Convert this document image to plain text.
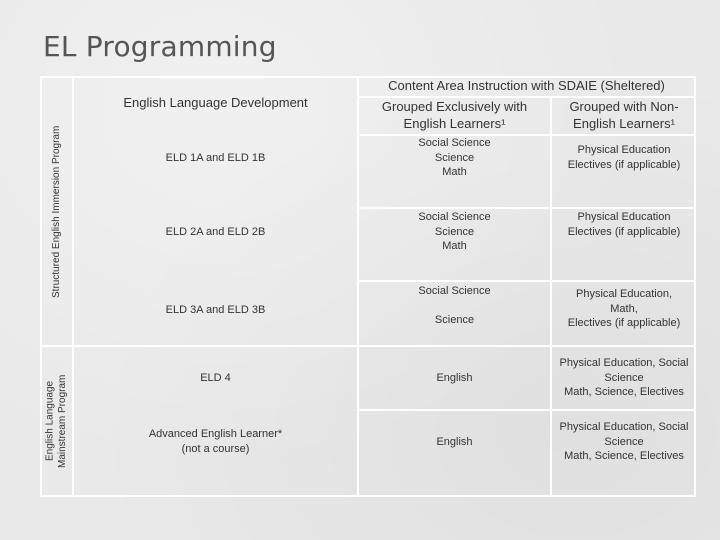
EL Programming
Structured English Immersion Program
English Language
Mainstream Program
Content Area Instruction with SDAIE (Sheltered)
English Language Development	Grouped Exclusively with
English Learners¹
Grouped with Non-
English Learners¹
ELD 1A and ELD 1B
Social Science
Science
Math
Physical Education
Electives (if applicable)
ELD 2A and ELD 2B
Social Science
Science
Math
Physical Education
Electives (if applicable)
ELD 3A and ELD 3B
Social Science

Science
Physical Education,
Math,
Electives (if applicable)
ELD 4	English
Physical Education, Social
Science
Math, Science, Electives
Advanced English Learner*
(not a course)
English
Physical Education, Social
Science
Math, Science, Electives
